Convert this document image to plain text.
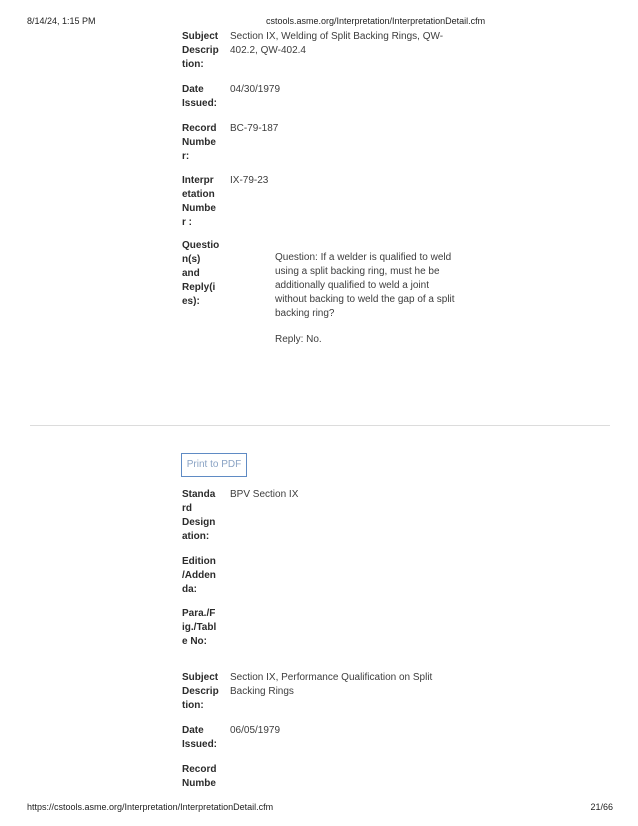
8/14/24, 1:15 PM	cstools.asme.org/Interpretation/InterpretationDetail.cfm
Subject
Descrip
tion:
Section IX, Welding of Split Backing Rings, QW-402.2, QW-402.4
Date
Issued:
04/30/1979
Record
Numbe
r:
BC-79-187
Interpr
etation
Numbe
r :
IX-79-23
Questio
n(s)
and
Reply(i
es):
Question: If a welder is qualified to weld using a split backing ring, must he be additionally qualified to weld a joint without backing to weld the gap of a split backing ring?
Reply: No.
Print to PDF
Standa
rd
Design
ation:
BPV Section IX
Edition
/Adden
da:
Para./F
ig./Tabl
e No:
Subject
Descrip
tion:
Section IX, Performance Qualification on Split Backing Rings
Date
Issued:
06/05/1979
Record
Numbe
https://cstools.asme.org/Interpretation/InterpretationDetail.cfm	21/66
